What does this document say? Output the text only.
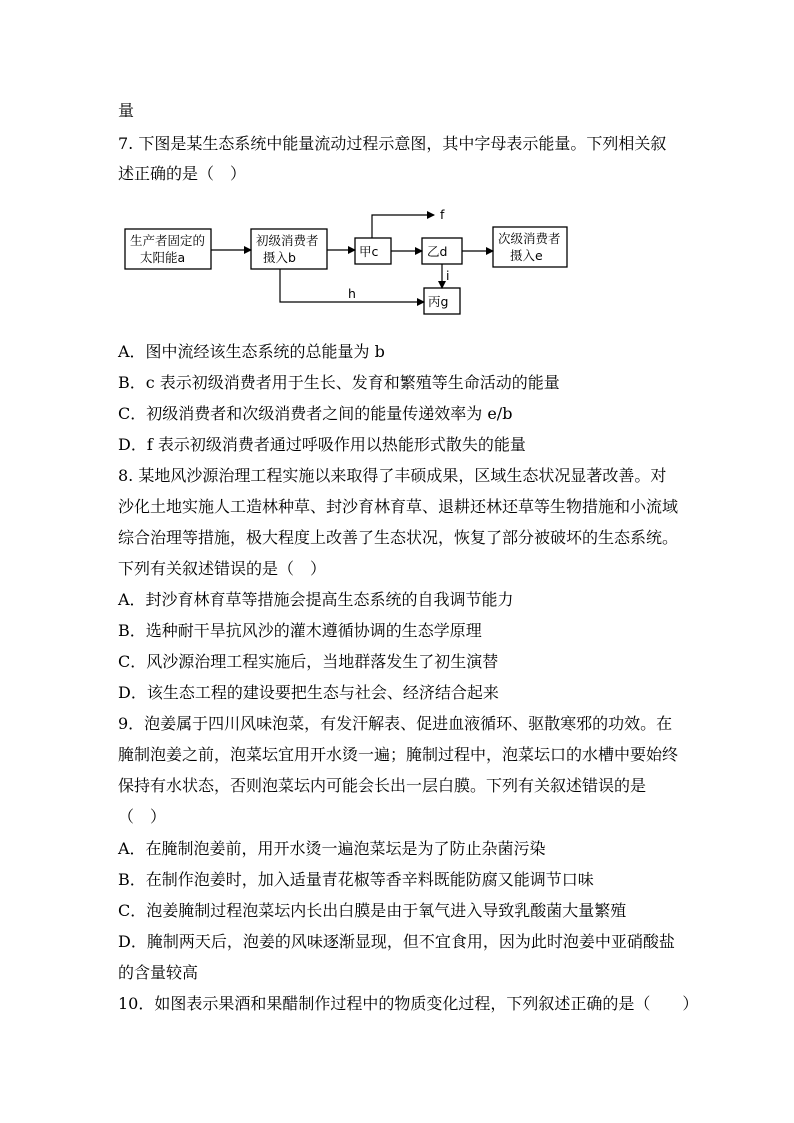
量
7. 下图是某生态系统中能量流动过程示意图，其中字母表示能量。下列相关叙
述正确的是（　）
生产者固定的
太阳能a
初级消费者
摄入b	甲c	乙d
次级消费者
摄入e
丙g
f
i
h
A．图中流经该生态系统的总能量为 b
B．c 表示初级消费者用于生长、发育和繁殖等生命活动的能量
C．初级消费者和次级消费者之间的能量传递效率为 e/b
D．f 表示初级消费者通过呼吸作用以热能形式散失的能量
8. 某地风沙源治理工程实施以来取得了丰硕成果，区域生态状况显著改善。对
沙化土地实施人工造林种草、封沙育林育草、退耕还林还草等生物措施和小流域
综合治理等措施，极大程度上改善了生态状况，恢复了部分被破坏的生态系统。
下列有关叙述错误的是（　）
A．封沙育林育草等措施会提高生态系统的自我调节能力
B．选种耐干旱抗风沙的灌木遵循协调的生态学原理
C．风沙源治理工程实施后，当地群落发生了初生演替
D．该生态工程的建设要把生态与社会、经济结合起来
9．泡姜属于四川风味泡菜，有发汗解表、促进血液循环、驱散寒邪的功效。在
腌制泡姜之前，泡菜坛宜用开水烫一遍；腌制过程中，泡菜坛口的水槽中要始终
保持有水状态，否则泡菜坛内可能会长出一层白膜。下列有关叙述错误的是
（　）
A．在腌制泡姜前，用开水烫一遍泡菜坛是为了防止杂菌污染
B．在制作泡姜时，加入适量青花椒等香辛料既能防腐又能调节口味
C．泡姜腌制过程泡菜坛内长出白膜是由于氧气进入导致乳酸菌大量繁殖
D．腌制两天后，泡姜的风味逐渐显现，但不宜食用，因为此时泡姜中亚硝酸盐
的含量较高
10．如图表示果酒和果醋制作过程中的物质变化过程，下列叙述正确的是（　　）
